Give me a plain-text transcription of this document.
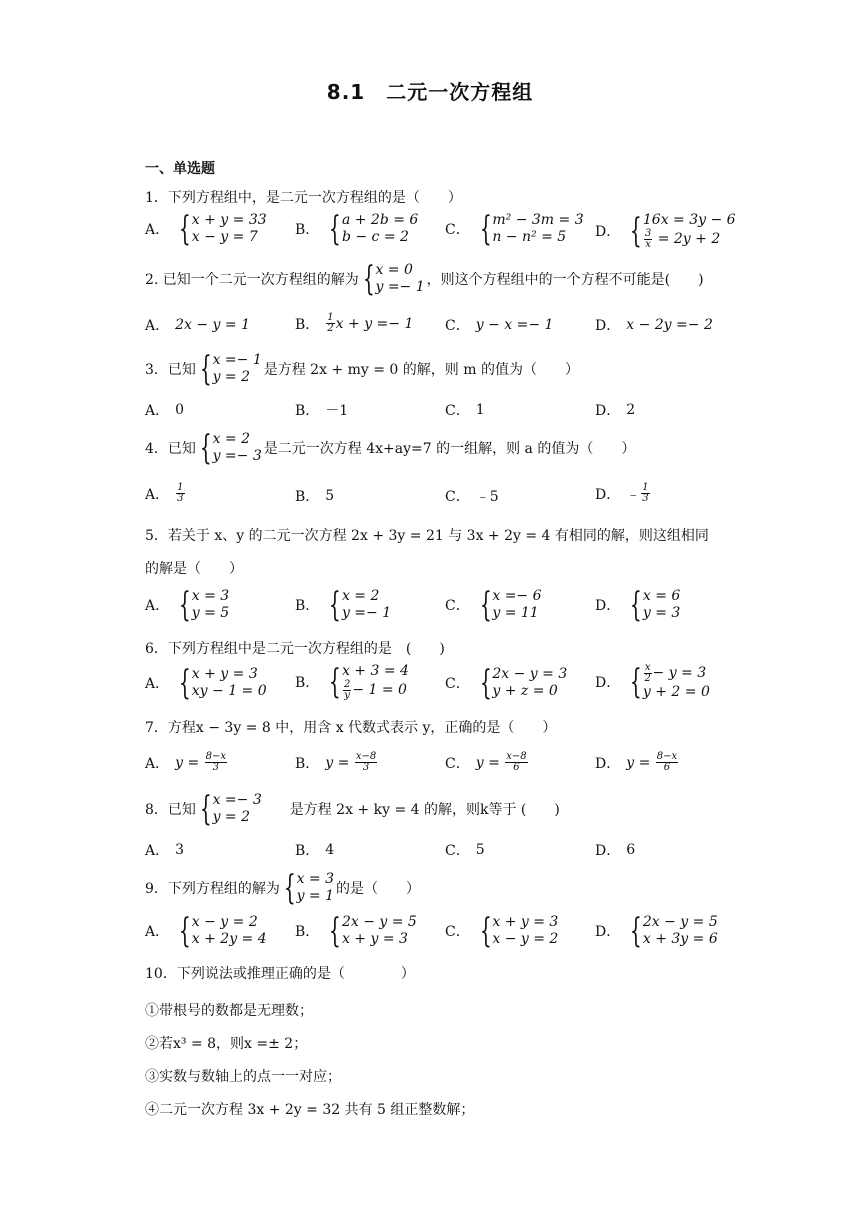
8.1　二元一次方程组
一、单选题
1．下列方程组中，是二元一次方程组的是（　　）
A． { x + y = 33
x − y = 7	B． { a + 2b = 6
b − c = 2	C． { m² − 3m = 3
n − n² = 5	D． { 16x = 3y − 6
$\frac{3}{x}$
= 2y + 2
2. 已知一个二元一次方程组的解为 { x = 0
y =− 1 ，则这个方程组中的一个方程不可能是(　　)
A． 2x − y = 1	B． $\frac{1}{2}$ x + y =− 1 C． y − x =− 1	D． x − 2y =− 2
3．已知 { x =− 1
y = 2 是方程 2x + my = 0 的解，则 m 的值为（　　）
A． 0	B． －1	C． 1	D． 2
4．已知 { x = 2
y =− 3 是二元一次方程 4x+ay=7 的一组解，则 a 的值为（　　）
A． $\frac{1}{3}$	B． 5	C． ﹣5	D． ﹣ $\frac{1}{3}$
5．若关于 x、y 的二元一次方程 2x + 3y = 21 与 3x + 2y = 4 有相同的解，则这组相同
的解是（　　）
A． { x = 3
y = 5	B． { x = 2
y =− 1	C． { x =− 6
y = 11	D． { x = 6
y = 3
6．下列方程组中是二元一次方程组的是　(　　)
A． { x + y = 3
xy − 1 = 0 B． { x + 3 = 4
$\frac{2}{y} - 1 = 0$	C． { 2x − y = 3
y + z = 0	D． { $\frac{x}{2} - y = 3$
y + 2 = 0
7．方程x − 3y = 8 中，用含 x 代数式表示 y，正确的是（　　）
A． $y = \frac{8-x}{3}$	B． $y = \frac{x-8}{3}$	C． $y = \frac{x-8}{6}$	D． $y = \frac{8-x}{6}$
8．已知 { x =− 3
y = 2	是方程 2x + ky = 4 的解，则k等于 (　　)
A． 3	B． 4	C． 5	D． 6
9．下列方程组的解为 { x = 3
y = 1 的是（　　）
A． { x − y = 2
x + 2y = 4 B． { 2x − y = 5
x + y = 3	C． { x + y = 3
x − y = 2	D． { 2x − y = 5
x + 3y = 6
10．下列说法或推理正确的是（　　　　）
①带根号的数都是无理数；
②若x³ = 8，则x =± 2；
③实数与数轴上的点一一对应；
④二元一次方程 3x + 2y = 32 共有 5 组正整数解；
